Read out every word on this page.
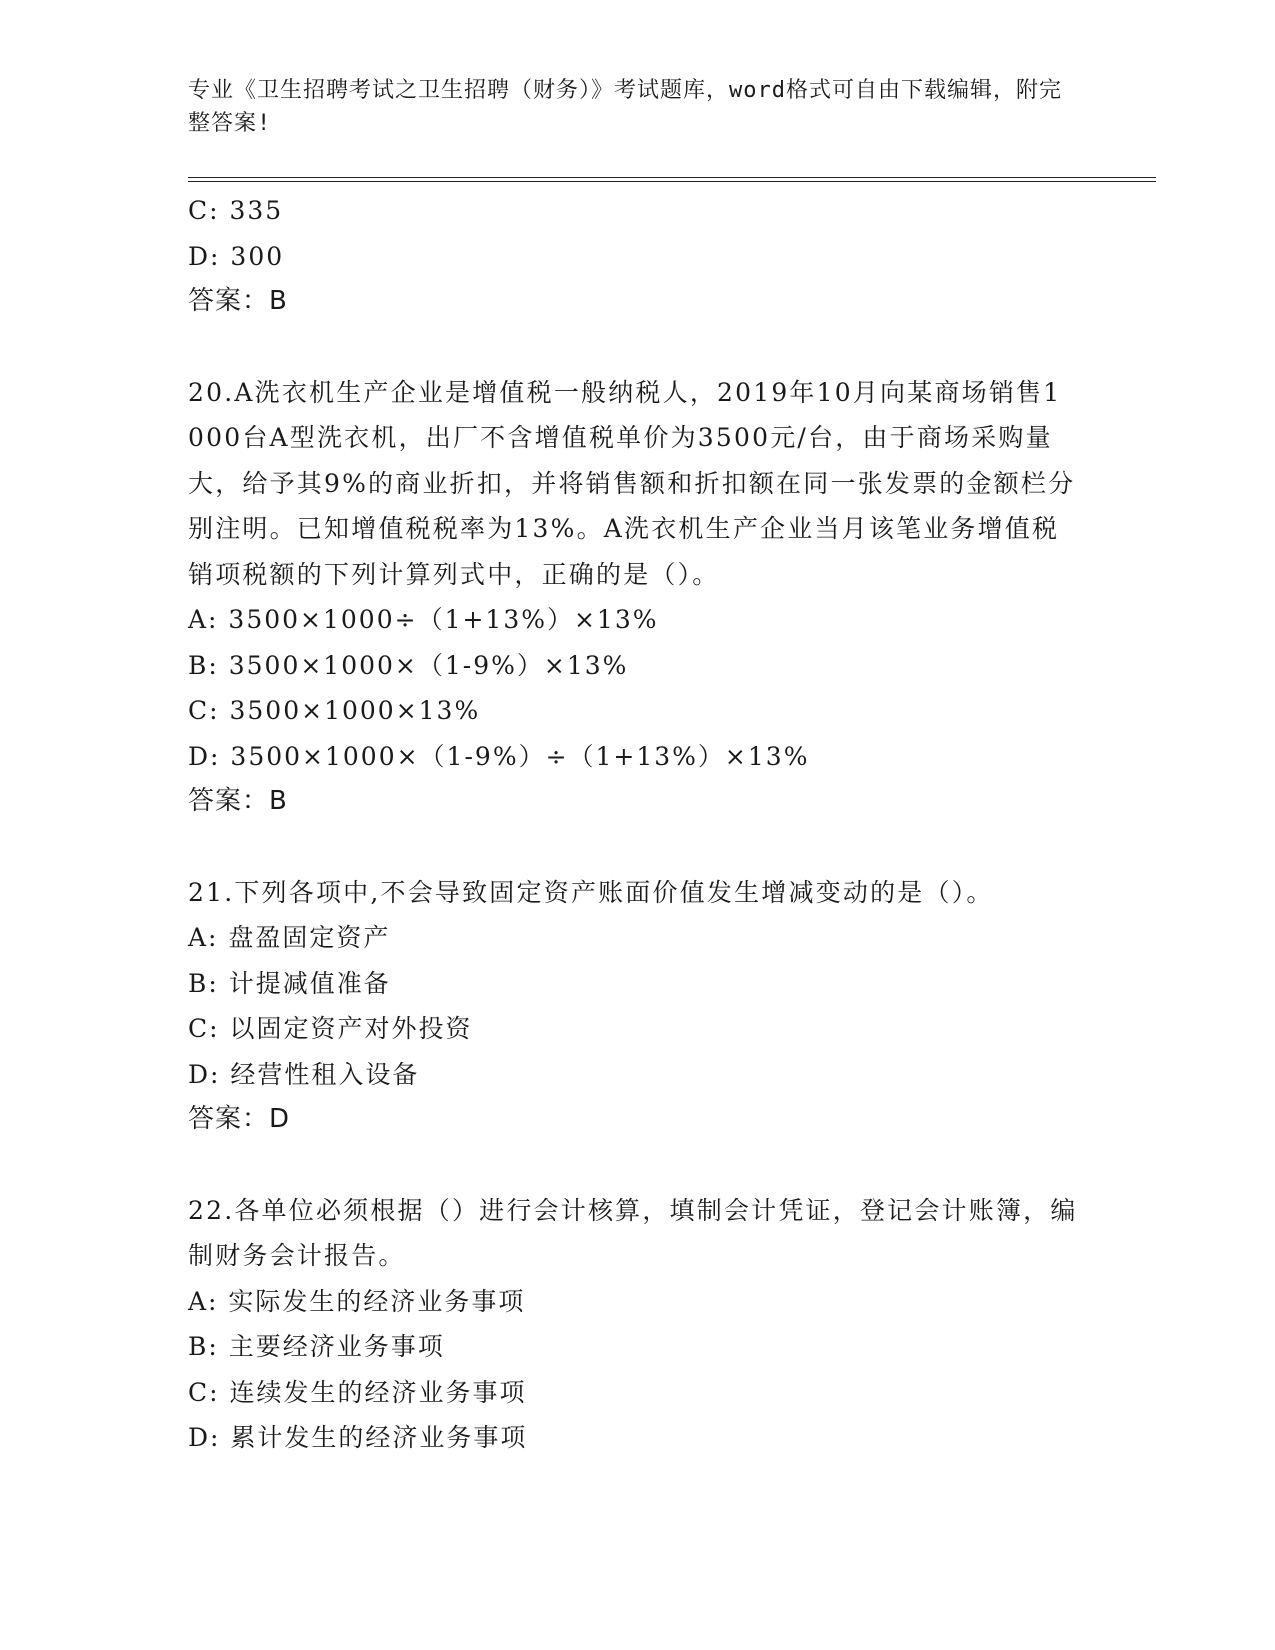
专业《卫生招聘考试之卫生招聘（财务）》考试题库，word格式可自由下载编辑，附完整答案!
C: 335
D: 300
答案：B
20.A洗衣机生产企业是增值税一般纳税人，2019年10月向某商场销售1000台A型洗衣机，出厂不含增值税单价为3500元/台，由于商场采购量大，给予其9%的商业折扣，并将销售额和折扣额在同一张发票的金额栏分别注明。已知增值税税率为13%。A洗衣机生产企业当月该笔业务增值税销项税额的下列计算列式中，正确的是（）。
A: 3500×1000÷（1+13%）×13%
B: 3500×1000×（1-9%）×13%
C: 3500×1000×13%
D: 3500×1000×（1-9%）÷（1+13%）×13%
答案：B
21.下列各项中,不会导致固定资产账面价值发生增减变动的是（）。
A: 盘盈固定资产
B: 计提减值准备
C: 以固定资产对外投资
D: 经营性租入设备
答案：D
22.各单位必须根据（）进行会计核算，填制会计凭证，登记会计账簿，编制财务会计报告。
A: 实际发生的经济业务事项
B: 主要经济业务事项
C: 连续发生的经济业务事项
D: 累计发生的经济业务事项
